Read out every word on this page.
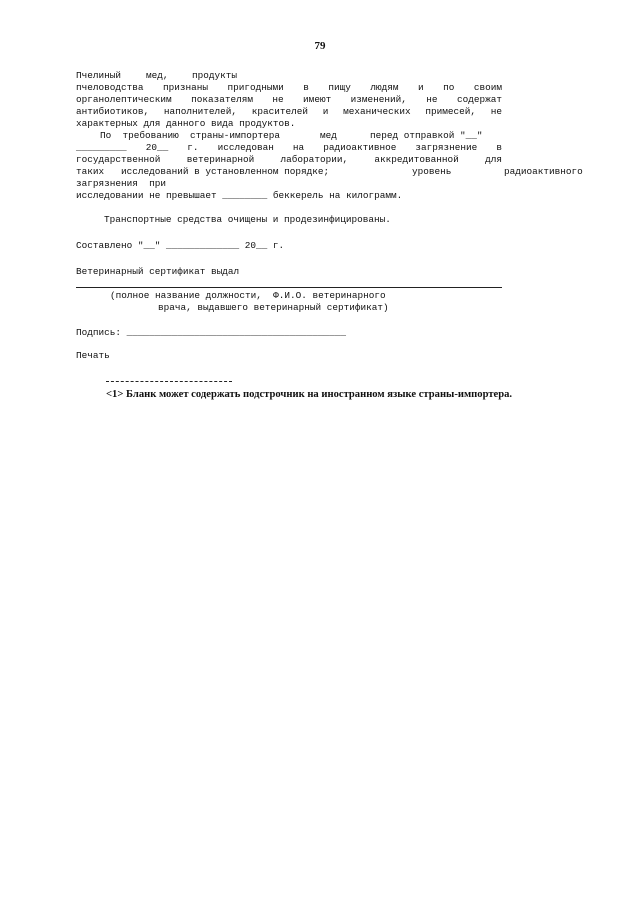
79
Пчелиный	мед, продукты
пчеловодства признаны пригодными в пищу людям и по своим
органолептическим показателям не имеют изменений, не содержат
антибиотиков, наполнителей, красителей и механических примесей, не
характерных для данного вида продуктов.
По  требованию  страны-импортера	мед	перед отправкой "__"
_________ 20__ г. исследован на радиоактивное загрязнение в
государственной ветеринарной лаборатории, аккредитованной для
таких   исследований в установленном порядке;	уровень	радиоактивного
загрязнения  при
исследовании не превышает ________ беккерель на килограмм.
Транспортные средства очищены и продезинфицированы.
Составлено "__" _____________ 20__ г.
Ветеринарный сертификат выдал
(полное название должности,  Ф.И.О. ветеринарного
врача, выдавшего ветеринарный сертификат)
Подпись: _______________________________________
Печать
<1> Бланк может содержать подстрочник на иностранном языке страны-импортера.
